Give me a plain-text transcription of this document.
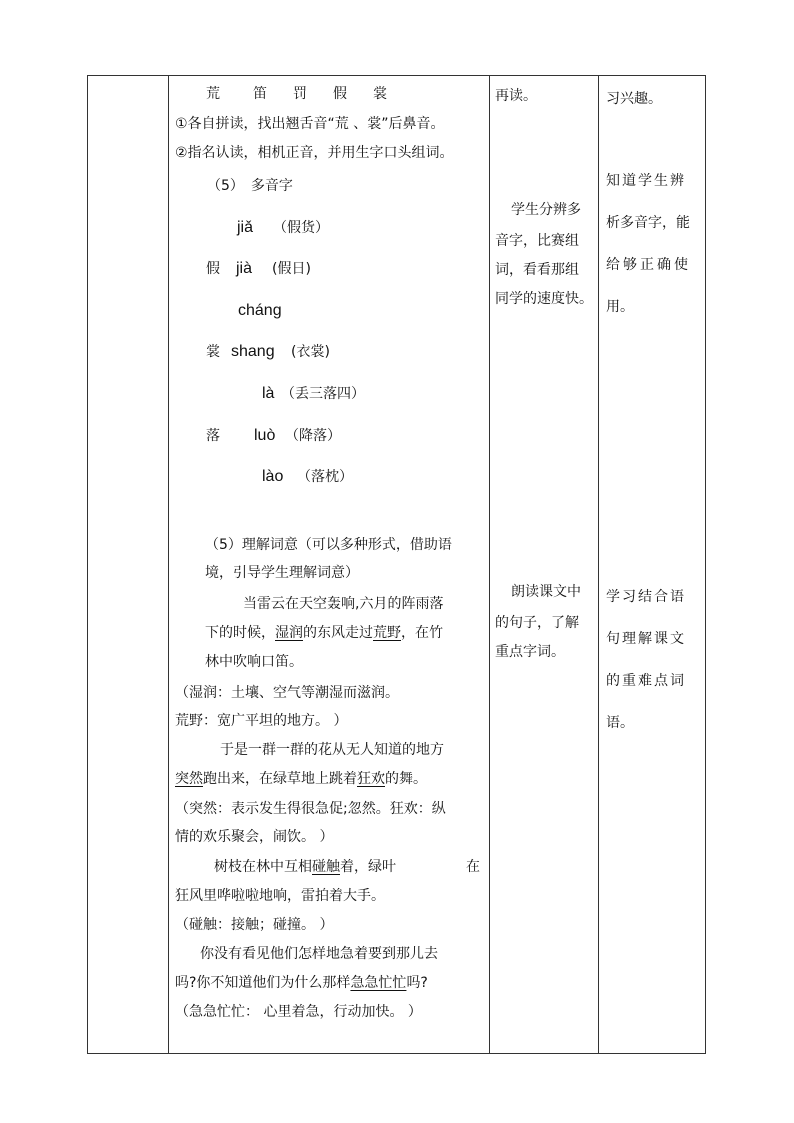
荒 笛 罚 假 裳
①各自拼读，找出翘舌音“荒 、裳”后鼻音。
②指名认读，相机正音，并用生字口头组词。
（5）　多音字
jiǎ （假货）
假 jià (假日)
cháng
裳 shang (衣裳)
là （丢三落四）
落 luò （降落）
lào （落枕）
（5）理解词意（可以多种形式，借助语
境，引导学生理解词意）
当雷云在天空轰响,六月的阵雨落
下的时候，湿润的东风走过荒野，在竹
林中吹响口笛。
（湿润：土壤、空气等潮湿而滋润。
荒野：宽广平坦的地方。 ）
于是一群一群的花从无人知道的地方
突然跑出来，在绿草地上跳着狂欢的舞。
（突然：表示发生得很急促;忽然。狂欢：纵
情的欢乐聚会，闹饮。 ）
树枝在林中互相碰触着，绿叶	在
狂风里哗啦啦地响，雷拍着大手。
（碰触：接触；碰撞。 ）
你没有看见他们怎样地急着要到那儿去
吗?你不知道他们为什么那样急急忙忙吗?
（急急忙忙： 心里着急，行动加快。 ）
再读。
学生分辨多
音字，比赛组
词，看看那组
同学的速度快。
朗读课文中
的句子，了解
重点字词。
习兴趣。
知道学生辨
析多音字，能
给够正确使
用。
学习结合语
句理解课文
的重难点词
语。
